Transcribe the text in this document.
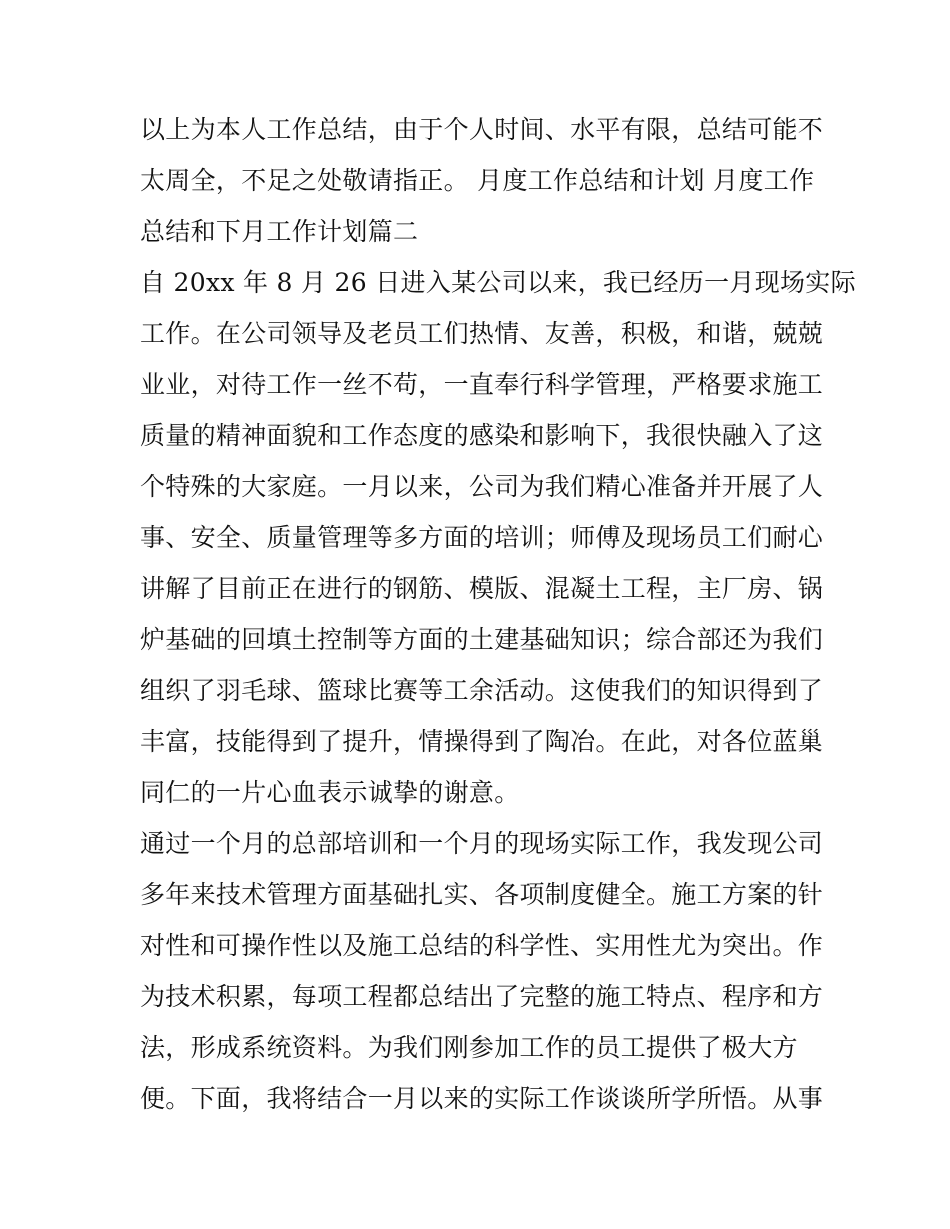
以上为本人工作总结，由于个人时间、水平有限，总结可能不
太周全，不足之处敬请指正。 月度工作总结和计划 月度工作
总结和下月工作计划篇二
自 20xx 年 8 月 26 日进入某公司以来，我已经历一月现场实际
工作。在公司领导及老员工们热情、友善，积极，和谐，兢兢
业业，对待工作一丝不苟，一直奉行科学管理，严格要求施工
质量的精神面貌和工作态度的感染和影响下，我很快融入了这
个特殊的大家庭。一月以来，公司为我们精心准备并开展了人
事、安全、质量管理等多方面的培训；师傅及现场员工们耐心
讲解了目前正在进行的钢筋、模版、混凝土工程，主厂房、锅
炉基础的回填土控制等方面的土建基础知识；综合部还为我们
组织了羽毛球、篮球比赛等工余活动。这使我们的知识得到了
丰富，技能得到了提升，情操得到了陶冶。在此，对各位蓝巢
同仁的一片心血表示诚挚的谢意。
通过一个月的总部培训和一个月的现场实际工作，我发现公司
多年来技术管理方面基础扎实、各项制度健全。施工方案的针
对性和可操作性以及施工总结的科学性、实用性尤为突出。作
为技术积累，每项工程都总结出了完整的施工特点、程序和方
法，形成系统资料。为我们刚参加工作的员工提供了极大方
便。下面，我将结合一月以来的实际工作谈谈所学所悟。从事
